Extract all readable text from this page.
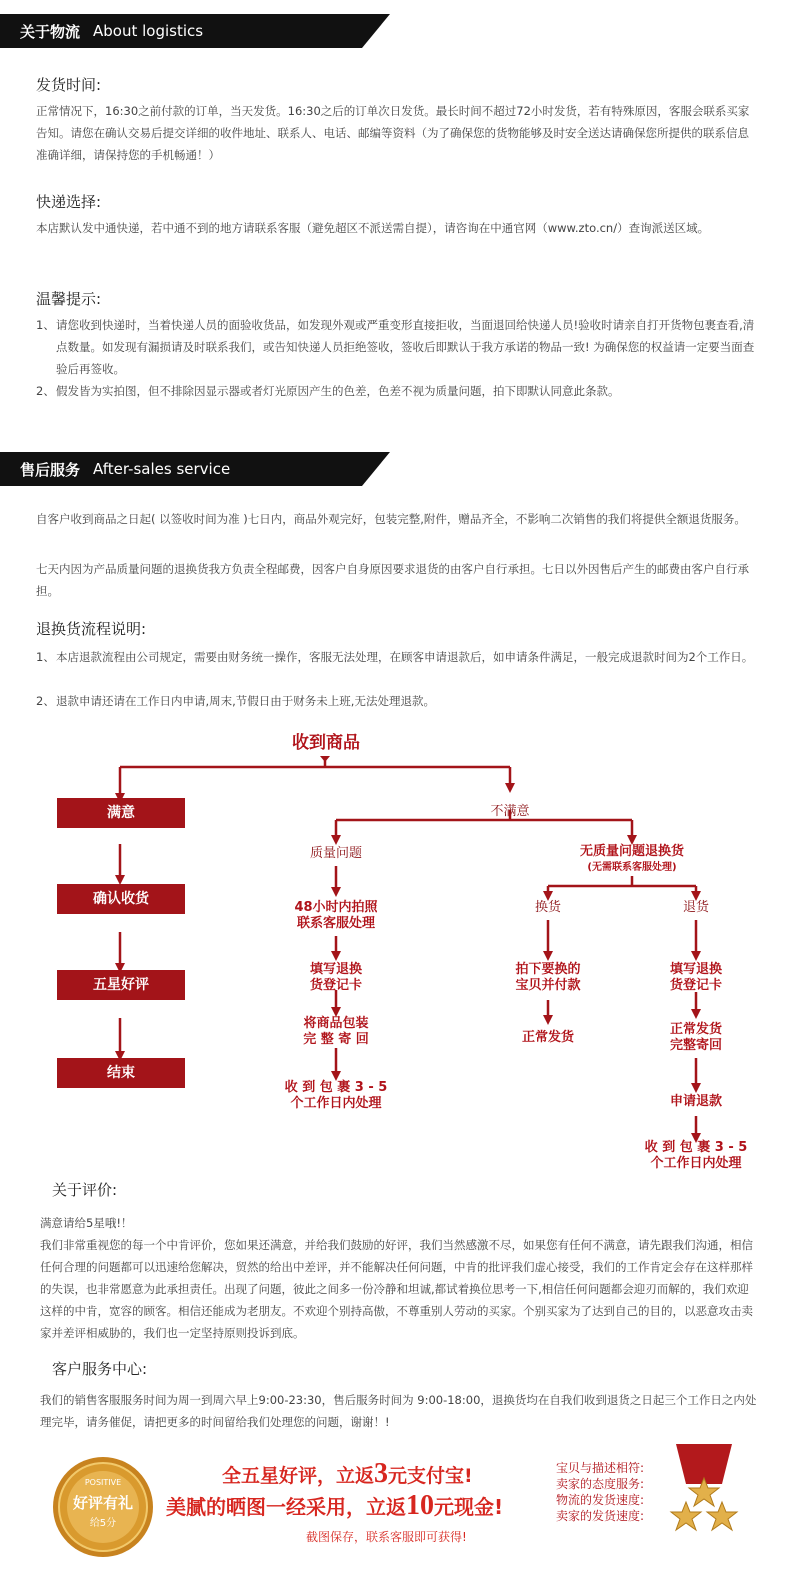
关于物流 About logistics
发货时间:
正常情况下，16:30之前付款的订单，当天发货。16:30之后的订单次日发货。最长时间不超过72小时发货，若有特殊原因，客服会联系买家告知。请您在确认交易后提交详细的收件地址、联系人、电话、邮编等资料（为了确保您的货物能够及时安全送达请确保您所提供的联系信息准确详细，请保持您的手机畅通！）
快递选择:
本店默认发中通快递，若中通不到的地方请联系客服（避免超区不派送需自提），请咨询在中通官网（www.zto.cn/）查询派送区域。
温馨提示:
1、 请您收到快递时，当着快递人员的面验收货品，如发现外观或严重变形直接拒收，当面退回给快递人员!验收时请亲自打开货物包裹查看,清点数量。如发现有漏损请及时联系我们，或告知快递人员拒绝签收，签收后即默认于我方承诺的物品一致! 为确保您的权益请一定要当面查验后再签收。
2、 假发皆为实拍图，但不排除因显示器或者灯光原因产生的色差，色差不视为质量问题，拍下即默认同意此条款。
售后服务 After-sales service
自客户收到商品之日起( 以签收时间为准 )七日内，商品外观完好，包装完整,附件，赠品齐全，不影响二次销售的我们将提供全额退货服务。
七天内因为产品质量问题的退换货我方负责全程邮费，因客户自身原因要求退货的由客户自行承担。七日以外因售后产生的邮费由客户自行承担。
退换货流程说明:
1、 本店退款流程由公司规定，需要由财务统一操作，客服无法处理，在顾客申请退款后，如申请条件满足，一般完成退款时间为2个工作日。
2、 退款申请还请在工作日内申请,周末,节假日由于财务未上班,无法处理退款。
收到商品
满意
确认收货
五星好评
结束
不满意
质量问题
48小时内拍照
联系客服处理
填写退换
货登记卡
将商品包装
完 整 寄 回
收 到 包 裹 3 - 5
个工作日内处理
无质量问题退换货
(无需联系客服处理)
换货
拍下要换的
宝贝并付款
正常发货
退货
填写退换
货登记卡
正常发货
完整寄回
申请退款
收 到 包 裹 3 - 5
个工作日内处理
关于评价:
满意请给5星哦!！
我们非常重视您的每一个中肯评价，您如果还满意，并给我们鼓励的好评，我们当然感激不尽，如果您有任何不满意，请先跟我们沟通，相信任何合理的问题都可以迅速给您解决，贸然的给出中差评，并不能解决任何问题，中肯的批评我们虚心接受，我们的工作肯定会存在这样那样的失误，也非常愿意为此承担责任。出现了问题，彼此之间多一份冷静和坦诚,都试着换位思考一下,相信任何问题都会迎刃而解的，我们欢迎这样的中肯，宽容的顾客。相信还能成为老朋友。不欢迎个别持高傲，不尊重别人劳动的买家。个别买家为了达到自己的目的，以恶意攻击卖家并差评相威胁的，我们也一定坚持原则投诉到底。
客户服务中心:
我们的销售客服服务时间为周一到周六早上9:00-23:30，售后服务时间为 9:00-18:00，退换货均在自我们收到退货之日起三个工作日之内处理完毕，请务催促，请把更多的时间留给我们处理您的问题，谢谢！!
POSITIVE
好评有礼
给5分
全五星好评，立返3元支付宝!
美腻的晒图一经采用，立返10元现金!
截图保存，联系客服即可获得!
宝贝与描述相符:
卖家的态度服务:
物流的发货速度:
卖家的发货速度:
